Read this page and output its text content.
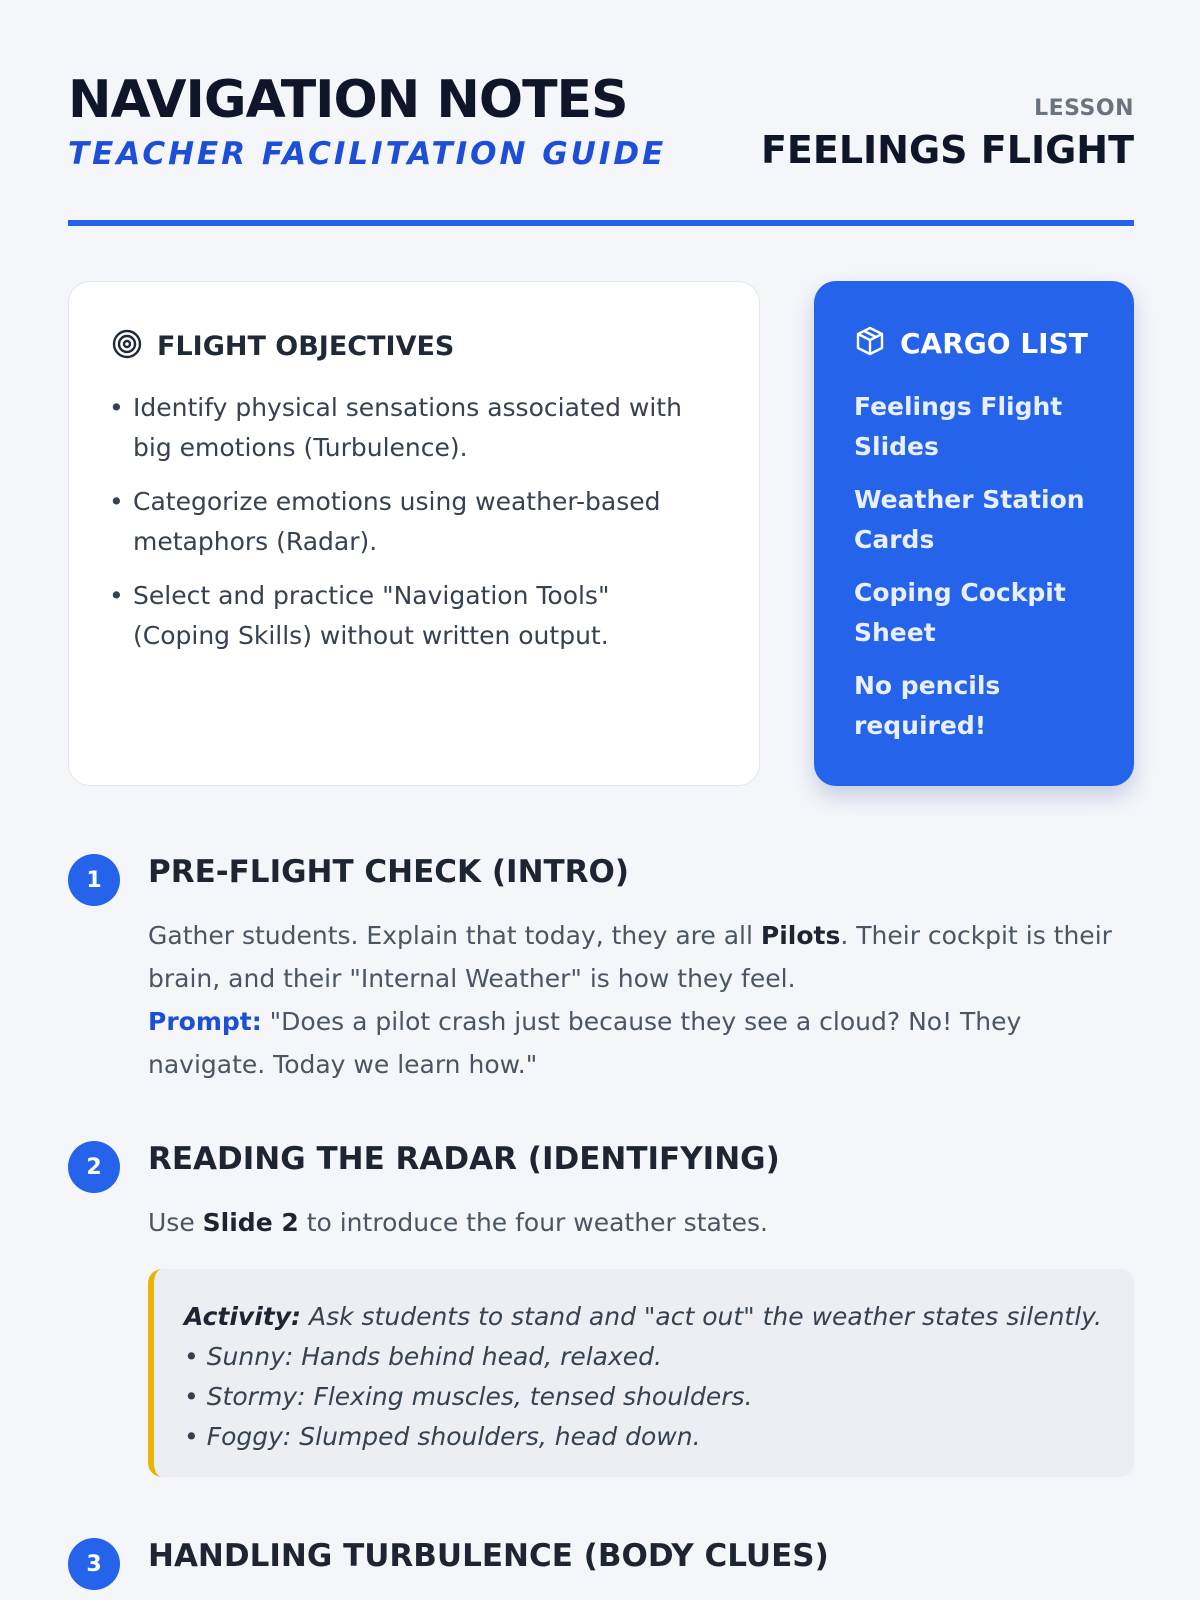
NAVIGATION NOTES
TEACHER FACILITATION GUIDE
LESSON
FEELINGS FLIGHT
FLIGHT OBJECTIVES
• Identify physical sensations associated with big emotions (Turbulence).
• Categorize emotions using weather-based metaphors (Radar).
• Select and practice "Navigation Tools" (Coping Skills) without written output.
CARGO LIST
Feelings Flight Slides
Weather Station Cards
Coping Cockpit Sheet
No pencils required!
1	PRE-FLIGHT CHECK (INTRO)
Gather students. Explain that today, they are all Pilots. Their cockpit is their brain, and their "Internal Weather" is how they feel.
Prompt: "Does a pilot crash just because they see a cloud? No! They navigate. Today we learn how."
2	READING THE RADAR (IDENTIFYING)
Use Slide 2 to introduce the four weather states.
Activity: Ask students to stand and "act out" the weather states silently.
• Sunny: Hands behind head, relaxed.
• Stormy: Flexing muscles, tensed shoulders.
• Foggy: Slumped shoulders, head down.
3	HANDLING TURBULENCE (BODY CLUES)
